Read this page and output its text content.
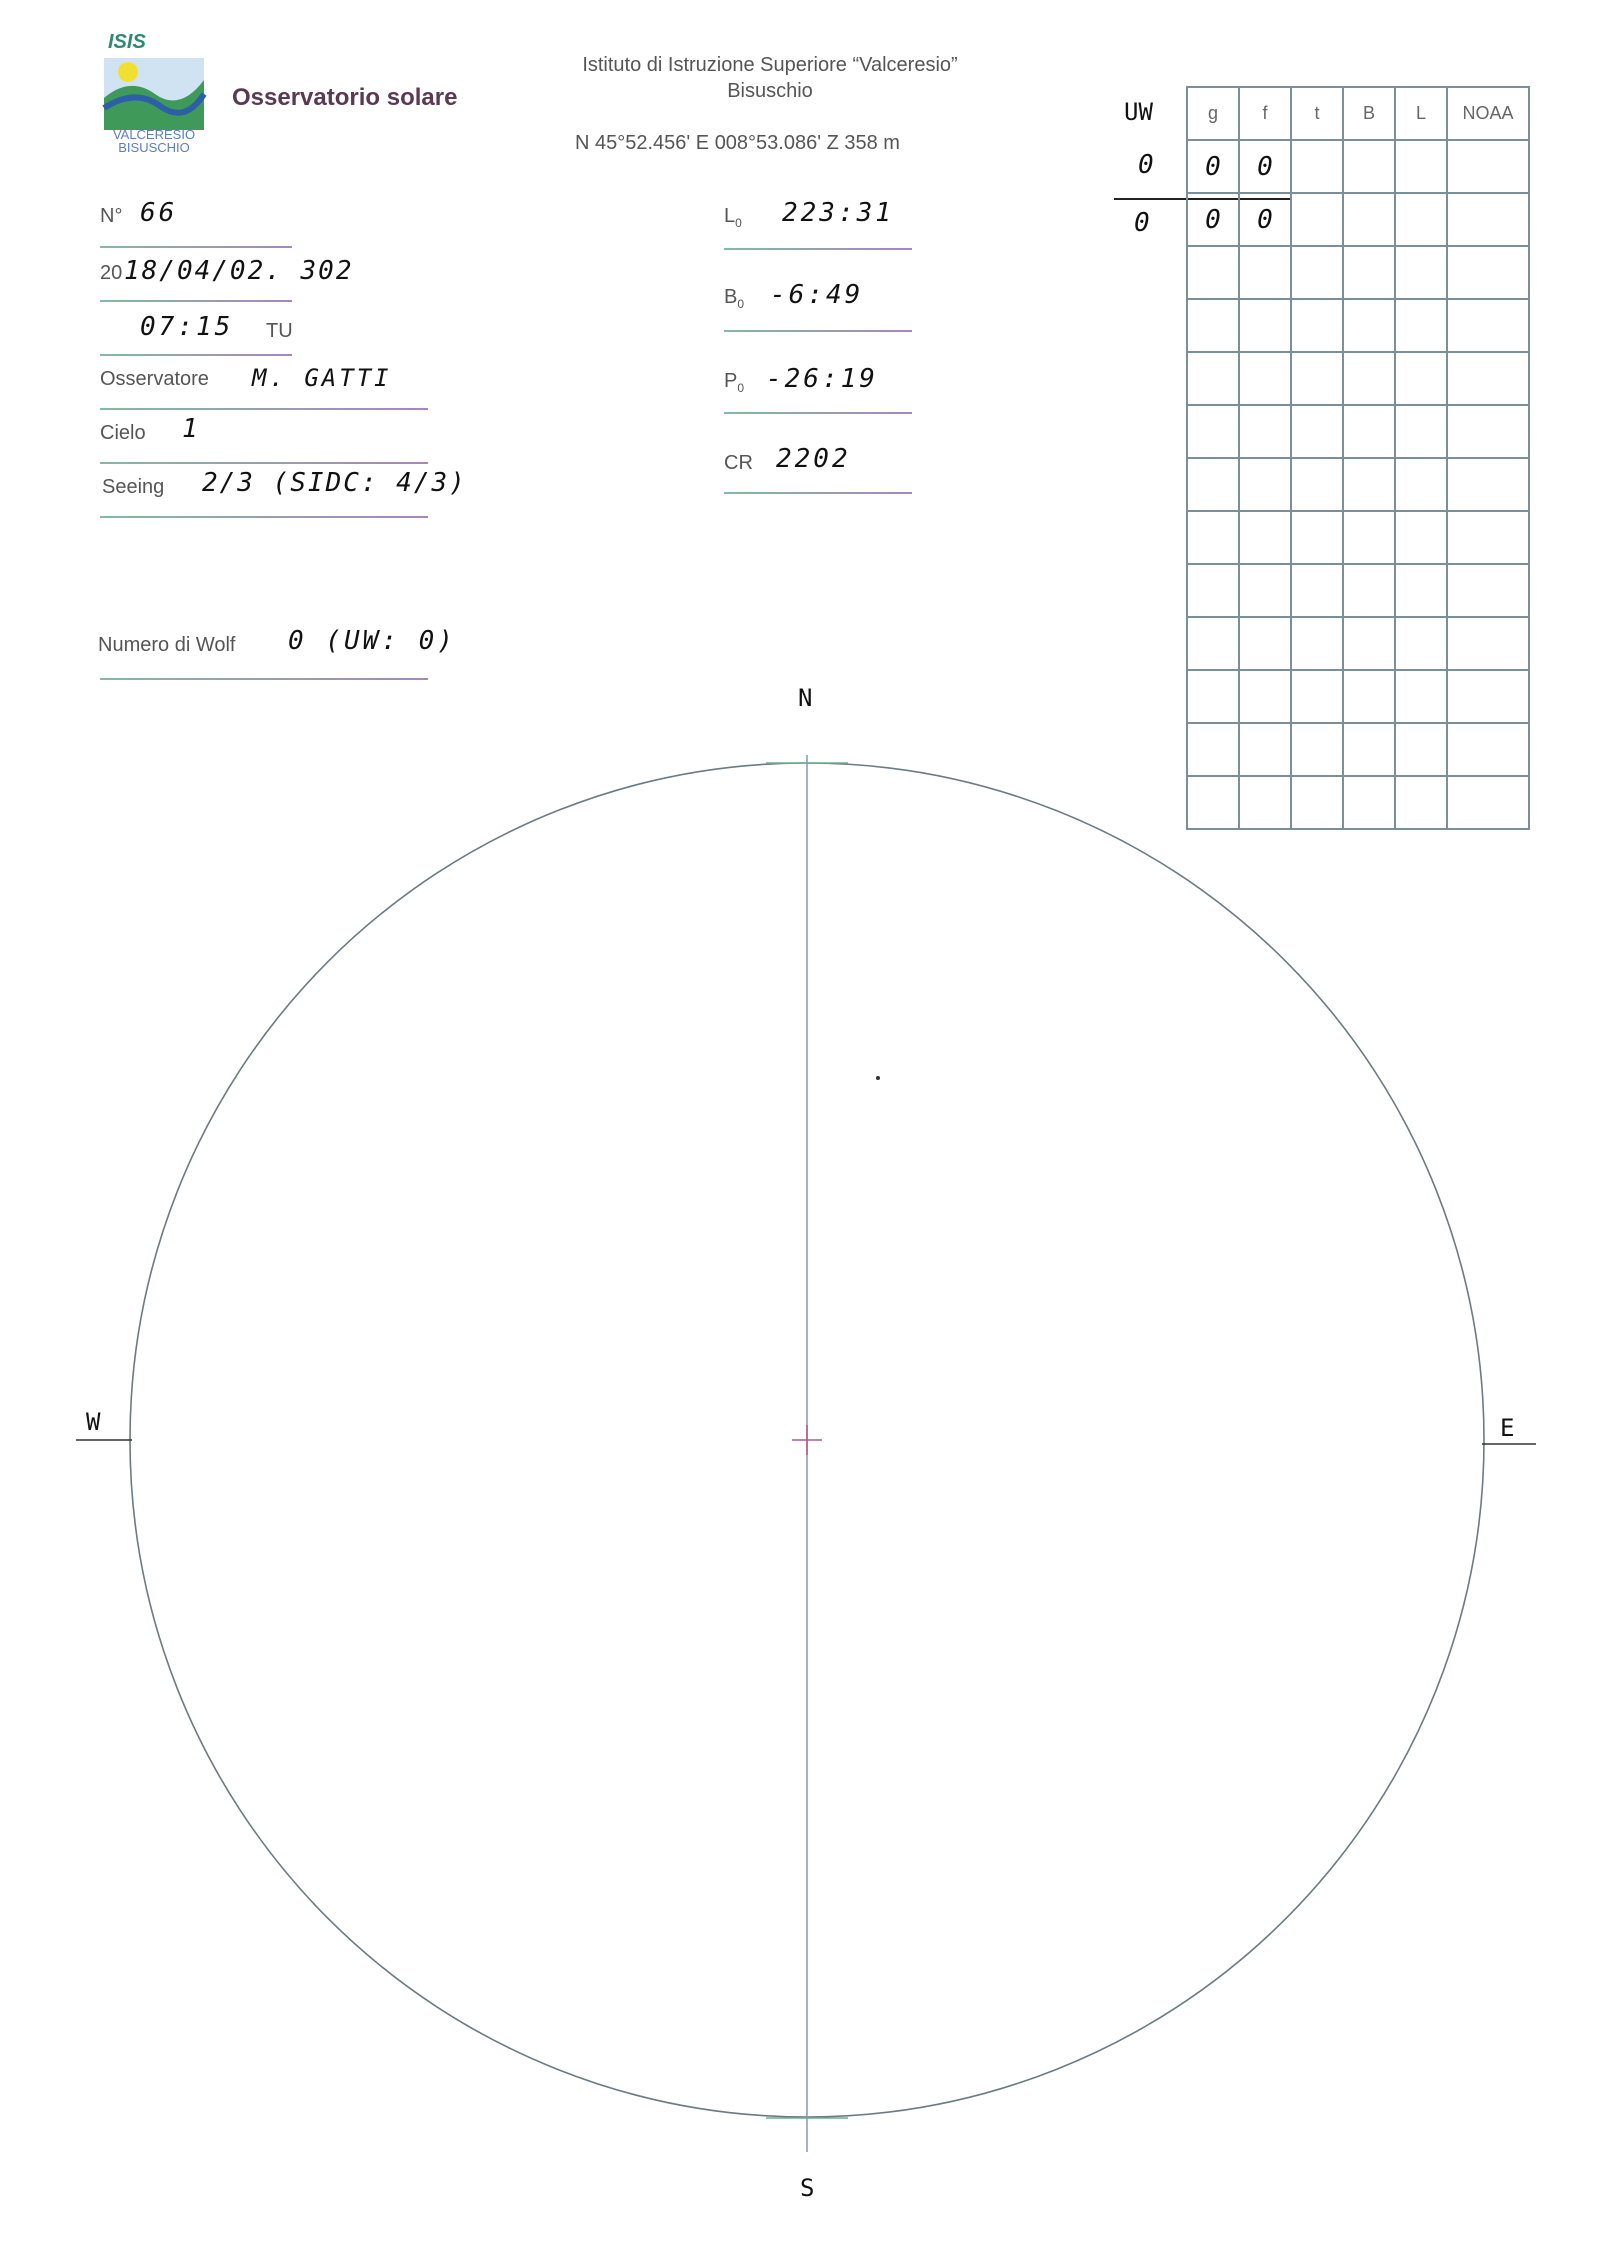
ISIS
VALCERESIO
BISUSCHIO
Osservatorio solare
Istituto di Istruzione Superiore “Valceresio”
Bisuschio
N 45°52.456' E 008°53.086' Z 358 m
N° 66
20 18/04/02. 302
07:15 TU
Osservatore M. GATTI
Cielo 1
Seeing 2/3 (SIDC: 4/3)
Numero di Wolf 0 (UW: 0)
$L_0$ 223:31
$B_0$ -6:49
$P_0$ -26:19
CR 2202
UW
0
0
g	f	t	B	L	NOAA
0	0				
0	0				

N
S
E
W
